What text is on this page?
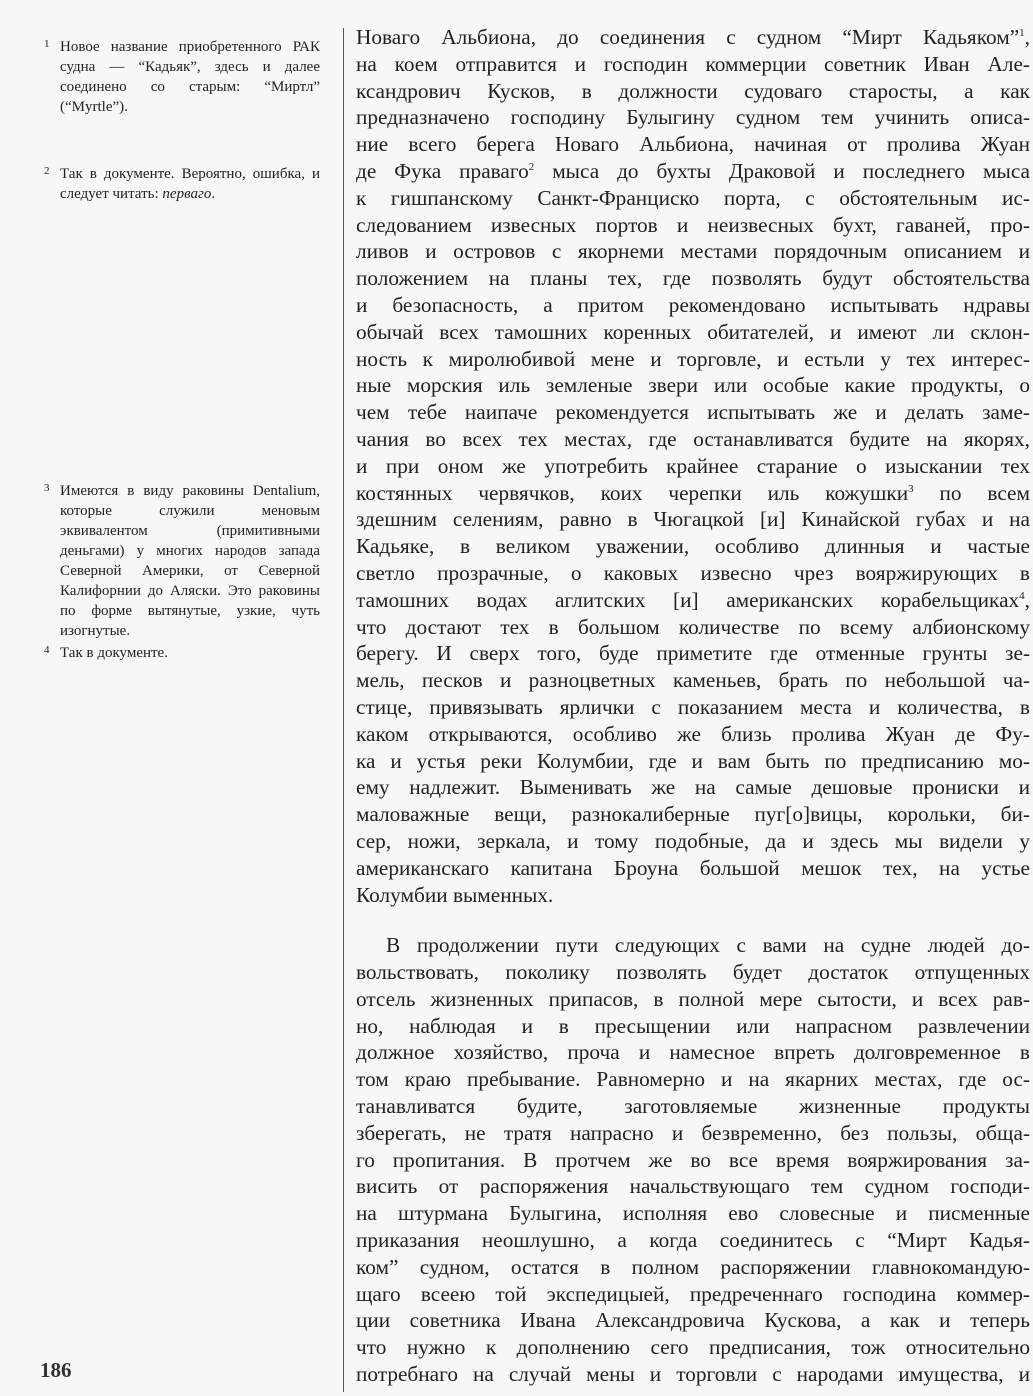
1 Новое название приобретенного РАК судна — “Кадьяк”, здесь и далее соединено со старым: “Миртл” (“Myrtle”).
2 Так в документе. Вероятно, ошибка, и следует читать: перваго.
3 Имеются в виду раковины Dentalium, которые служили меновым эквивалентом (примитивными деньгами) у многих народов запада Северной Америки, от Северной Калифорнии до Аляски. Это раковины по форме вытянутые, узкие, чуть изогнутые.
4 Так в документе.
Новаго Альбиона, до соединения с судном “Мирт Кадьяком”$^1$,
на коем отправится и господин коммерции советник Иван Але-
ксандрович Кусков, в должности судоваго старосты, а как
предназначено господину Булыгину судном тем учинить описа-
ние всего берега Новаго Альбиона, начиная от пролива Жуан
де Фука праваго$^2$ мыса до бухты Драковой и последнего мыса
к гишпанскому Санкт-Франциско порта, с обстоятельным ис-
следованием извесных портов и неизвесных бухт, гаваней, про-
ливов и островов с якорнеми местами порядочным описанием и
положением на планы тех, где позволять будут обстоятельства
и безопасность, а притом рекомендовано испытывать ндравы
обычай всех тамошних коренных обитателей, и имеют ли склон-
ность к миролюбивой мене и торговле, и естьли у тех интерес-
ные морския иль земленые звери или особые какие продукты, о
чем тебе наипаче рекомендуется испытывать же и делать заме-
чания во всех тех местах, где останавливатся будите на якорях,
и при оном же употребить крайнее старание о изыскании тех
костянных червячков, коих черепки иль кожушки$^3$ по всем
здешним селениям, равно в Чюгацкой [и] Кинайской губах и на
Кадьяке, в великом уважении, особливо длинныя и частые
светло прозрачные, о каковых извесно чрез вояржирующих в
тамошних водах аглитских [и] американских корабельщиках$^4$,
что достают тех в большом количестве по всему албионскому
берегу. И сверх того, буде приметите где отменные грунты зе-
мель, песков и разноцветных каменьев, брать по небольшой ча-
стице, привязывать ярлички с показанием места и количества, в
каком открываются, особливо же близь пролива Жуан де Фу-
ка и устья реки Колумбии, где и вам быть по предписанию мо-
ему надлежит. Выменивать же на самые дешовые прониски и
маловажные вещи, разнокалиберные пуг[о]вицы, корольки, би-
сер, ножи, зеркала, и тому подобные, да и здесь мы видели у
американскаго капитана Броуна большой мешок тех, на устье
Колумбии выменных.
В продолжении пути следующих с вами на судне людей до-
вольствовать, поколику позволять будет достаток отпущенных
отсель жизненных припасов, в полной мере сытости, и всех рав-
но, наблюдая и в пресыщении или напрасном развлечении
должное хозяйство, проча и намесное впреть долговременное в
том краю пребывание. Равномерно и на якарних местах, где ос-
танавливатся будите, заготовляемые жизненные продукты
зберегать, не тратя напрасно и безвременно, без пользы, обща-
го пропитания. В протчем же во все время вояржирования за-
висить от распоряжения начальствующаго тем судном господи-
на штурмана Булыгина, исполняя ево словесные и писменные
приказания неошлушно, а когда соединитесь с “Мирт Кадья-
ком” судном, остатся в полном распоряжении главнокомандую-
щаго всеею той экспедицыей, предреченнаго господина коммер-
ции советника Ивана Александровича Кускова, а как и теперь
что нужно к дополнению сего предписания, тож относительно
потребнаго на случай мены и торговли с народами имущества, и
186
